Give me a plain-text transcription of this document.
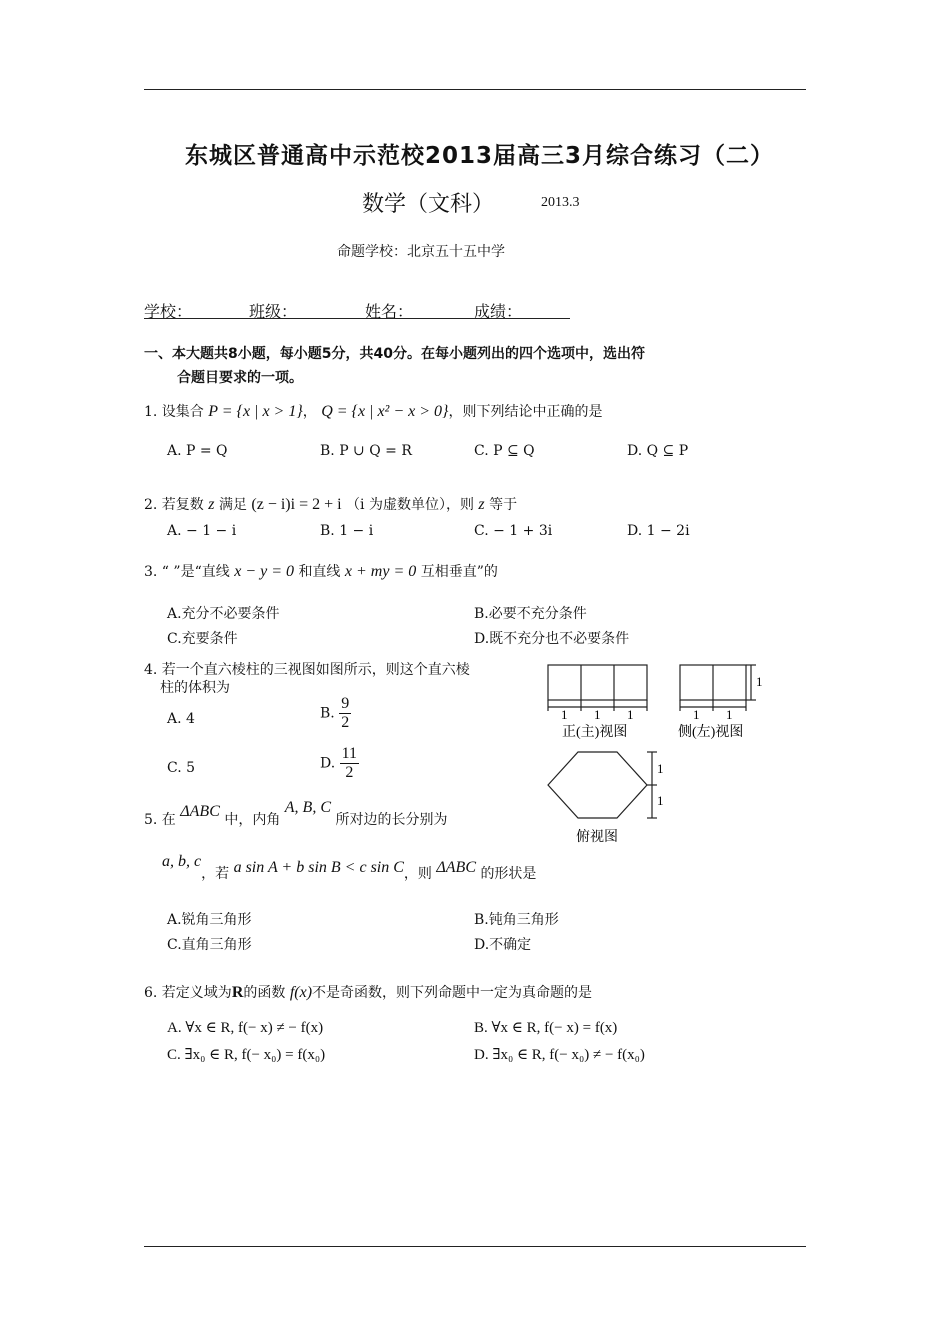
东城区普通高中示范校2013届高三3月综合练习（二）
数学（文科）	2013.3
命题学校：北京五十五中学
学校：	班级：	姓名：	成绩：
一、本大题共8小题，每小题5分，共40分。在每小题列出的四个选项中，选出符
合题目要求的一项。
1. 设集合 P = {x | x > 1}， Q = {x | x² − x > 0}，则下列结论中正确的是
A. P = Q	B. P ∪ Q = R	C. P ⊆ Q	D. Q ⊆ P
2. 若复数 z 满足 (z − i)i = 2 + i （i 为虚数单位），则 z 等于
A. − 1 − i	B. 1 − i	C. − 1 + 3i	D. 1 − 2i
3. “ ”是“直线 x − y = 0 和直线 x + my = 0 互相垂直”的
A.充分不必要条件	B.必要不充分条件
C.充要条件	D.既不充分也不必要条件
4. 若一个直六棱柱的三视图如图所示，则这个直六棱
柱的体积为
A. 4	B. $\frac{9}{2}$
C. 5	D. $\frac{11}{2}$
1 1 1
正(主)视图
1
1 1
侧(左)视图
1
1
俯视图
5. 在 ΔABC 中，内角 A, B, C 所对边的长分别为
a, b, c，若 a sin A + b sin B < c sin C，则 ΔABC 的形状是
A.锐角三角形	B.钝角三角形
C.直角三角形	D.不确定
6. 若定义域为R的函数 f(x)不是奇函数，则下列命题中一定为真命题的是
A. ∀x ∈ R, f(− x) ≠ − f(x)	B. ∀x ∈ R, f(− x) = f(x)
C. ∃x₀ ∈ R, f(− x₀) = f(x₀)	D. ∃x₀ ∈ R, f(− x₀) ≠ − f(x₀)
